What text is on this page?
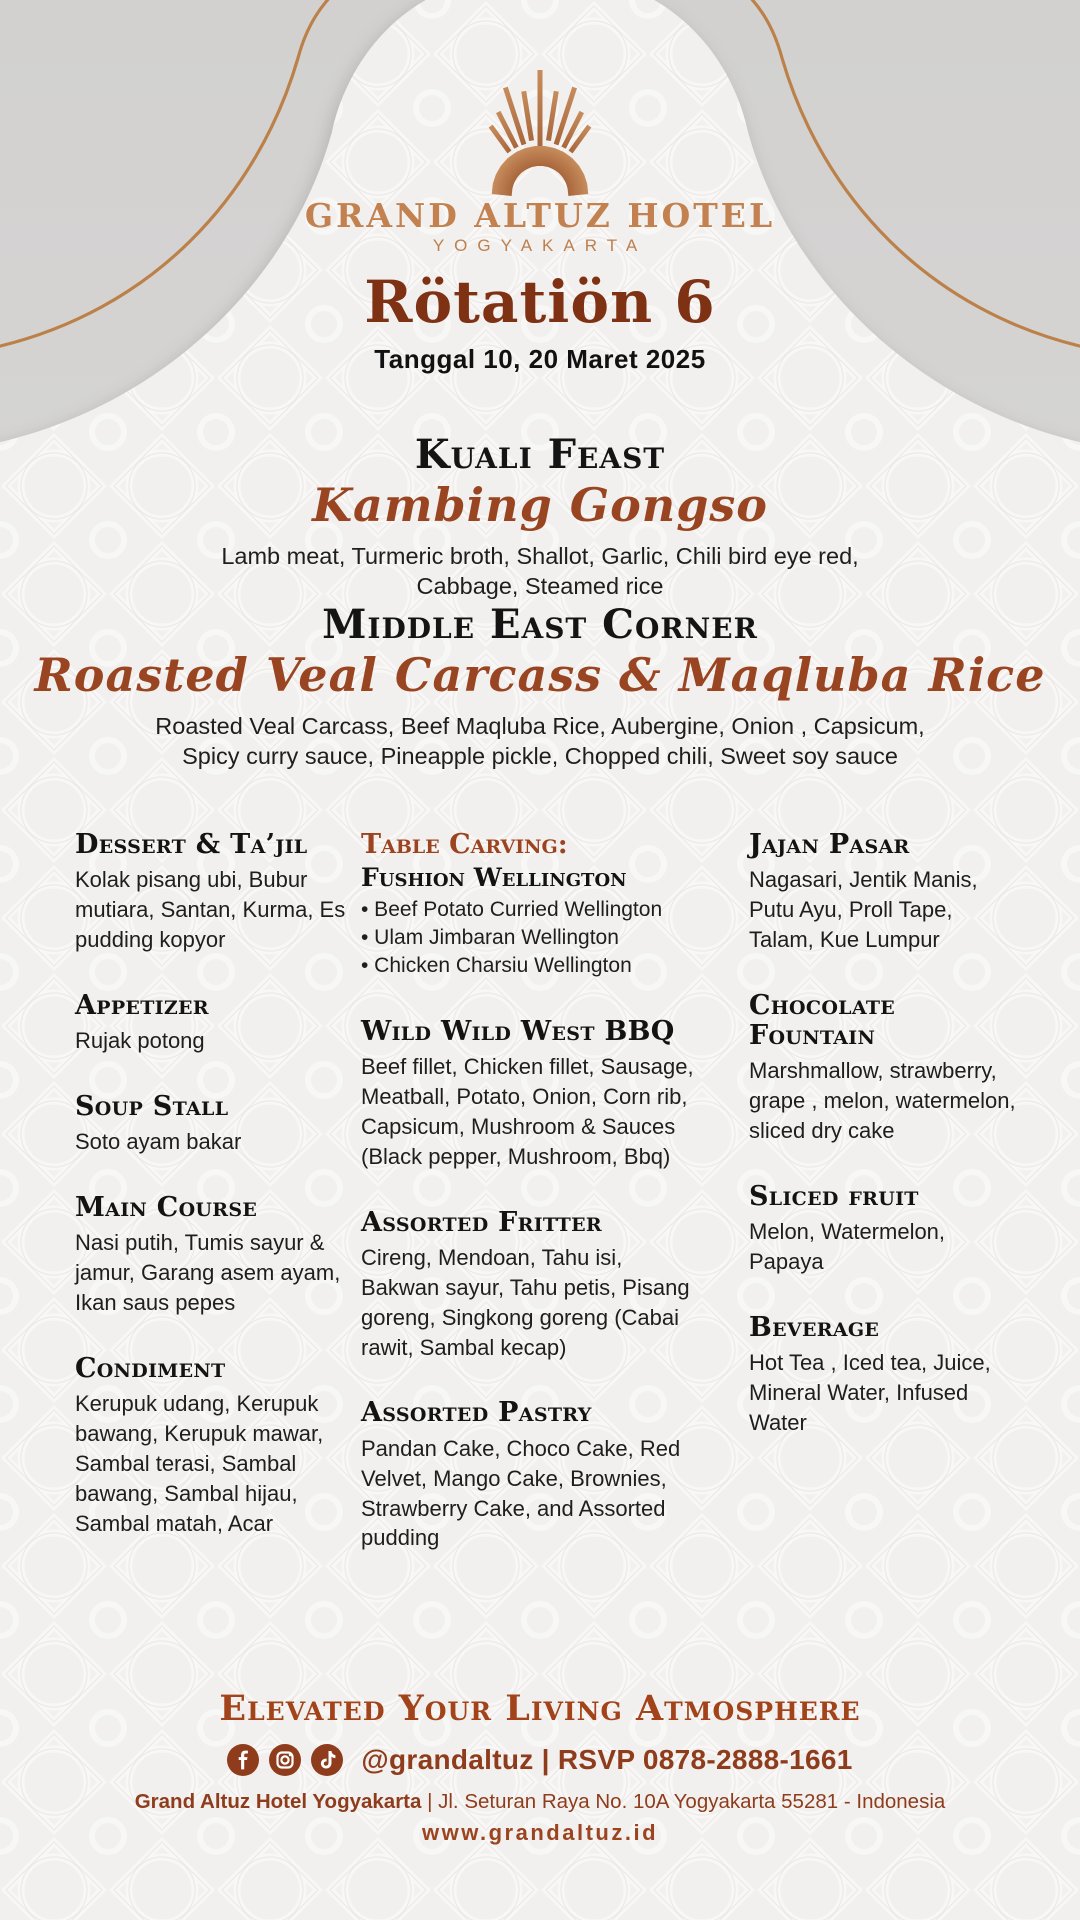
GRAND ALTUZ HOTEL
YOGYAKARTA
Rötatiön 6
Tanggal 10, 20 Maret 2025
Kuali Feast
Kambing Gongso
Lamb meat, Turmeric broth, Shallot, Garlic, Chili bird eye red, Cabbage, Steamed rice
Middle East Corner
Roasted Veal Carcass & Maqluba Rice
Roasted Veal Carcass, Beef Maqluba Rice, Aubergine, Onion , Capsicum, Spicy curry sauce, Pineapple pickle, Chopped chili, Sweet soy sauce
Dessert & Ta’jil
Kolak pisang ubi, Bubur mutiara, Santan, Kurma, Es pudding kopyor
Appetizer
Rujak potong
Soup Stall
Soto ayam bakar
Main Course
Nasi putih, Tumis sayur & jamur, Garang asem ayam, Ikan saus pepes
Condiment
Kerupuk udang, Kerupuk bawang, Kerupuk mawar, Sambal terasi, Sambal bawang, Sambal hijau, Sambal matah, Acar
Table Carving:
Fushion Wellington
• Beef Potato Curried Wellington
• Ulam Jimbaran Wellington
• Chicken Charsiu Wellington
Wild Wild West BBQ
Beef fillet, Chicken fillet, Sausage, Meatball, Potato, Onion, Corn rib, Capsicum, Mushroom & Sauces (Black pepper, Mushroom, Bbq)
Assorted Fritter
Cireng, Mendoan, Tahu isi, Bakwan sayur, Tahu petis, Pisang goreng, Singkong goreng (Cabai rawit, Sambal kecap)
Assorted Pastry
Pandan Cake, Choco Cake, Red Velvet, Mango Cake, Brownies, Strawberry Cake, and Assorted pudding
Jajan Pasar
Nagasari, Jentik Manis, Putu Ayu, Proll Tape, Talam, Kue Lumpur
Chocolate Fountain
Marshmallow, strawberry, grape , melon, watermelon, sliced dry cake
Sliced fruit
Melon, Watermelon, Papaya
Beverage
Hot Tea , Iced tea, Juice, Mineral Water, Infused Water
Elevated Your Living Atmosphere
@grandaltuz | RSVP 0878-2888-1661
Grand Altuz Hotel Yogyakarta | Jl. Seturan Raya No. 10A Yogyakarta 55281 - Indonesia
www.grandaltuz.id
